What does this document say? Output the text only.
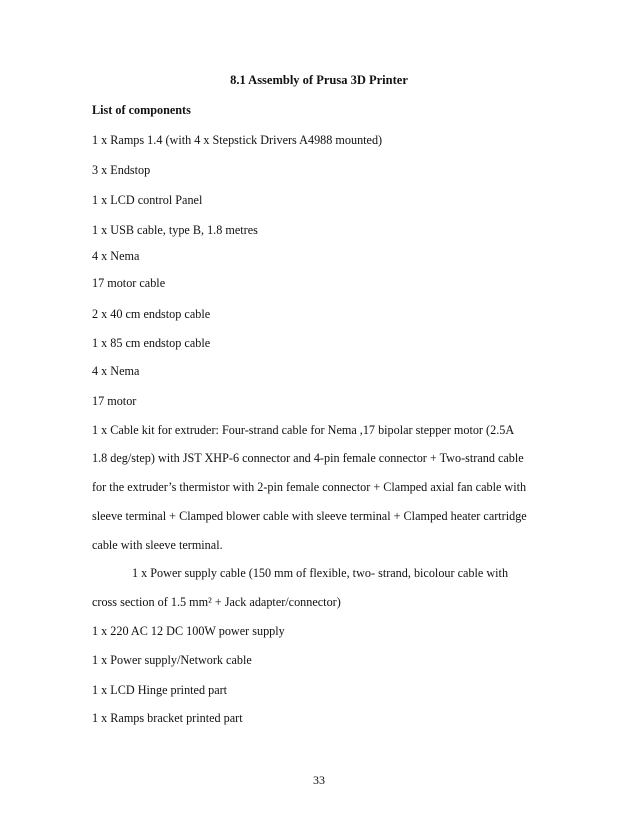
8.1 Assembly of Prusa 3D Printer
List of components
1 x Ramps 1.4 (with 4 x Stepstick Drivers A4988 mounted)
3 x Endstop
1 x LCD control Panel
1 x USB cable, type B, 1.8 metres
4 x Nema
17 motor cable
2 x 40 cm endstop cable
1 x 85 cm endstop cable
4 x Nema
17 motor
1 x Cable kit for extruder: Four-strand cable for Nema ,17 bipolar stepper motor (2.5A
1.8 deg/step) with JST XHP-6 connector and 4-pin female connector + Two-strand cable
for the extruder’s thermistor with 2-pin female connector + Clamped axial fan cable with
sleeve terminal + Clamped blower cable with sleeve terminal + Clamped heater cartridge
cable with sleeve terminal.
1 x Power supply cable (150 mm of flexible, two- strand, bicolour cable with
cross section of 1.5 mm² + Jack adapter/connector)
1 x 220 AC 12 DC 100W power supply
1 x Power supply/Network cable
1 x LCD Hinge printed part
1 x Ramps bracket printed part
33
